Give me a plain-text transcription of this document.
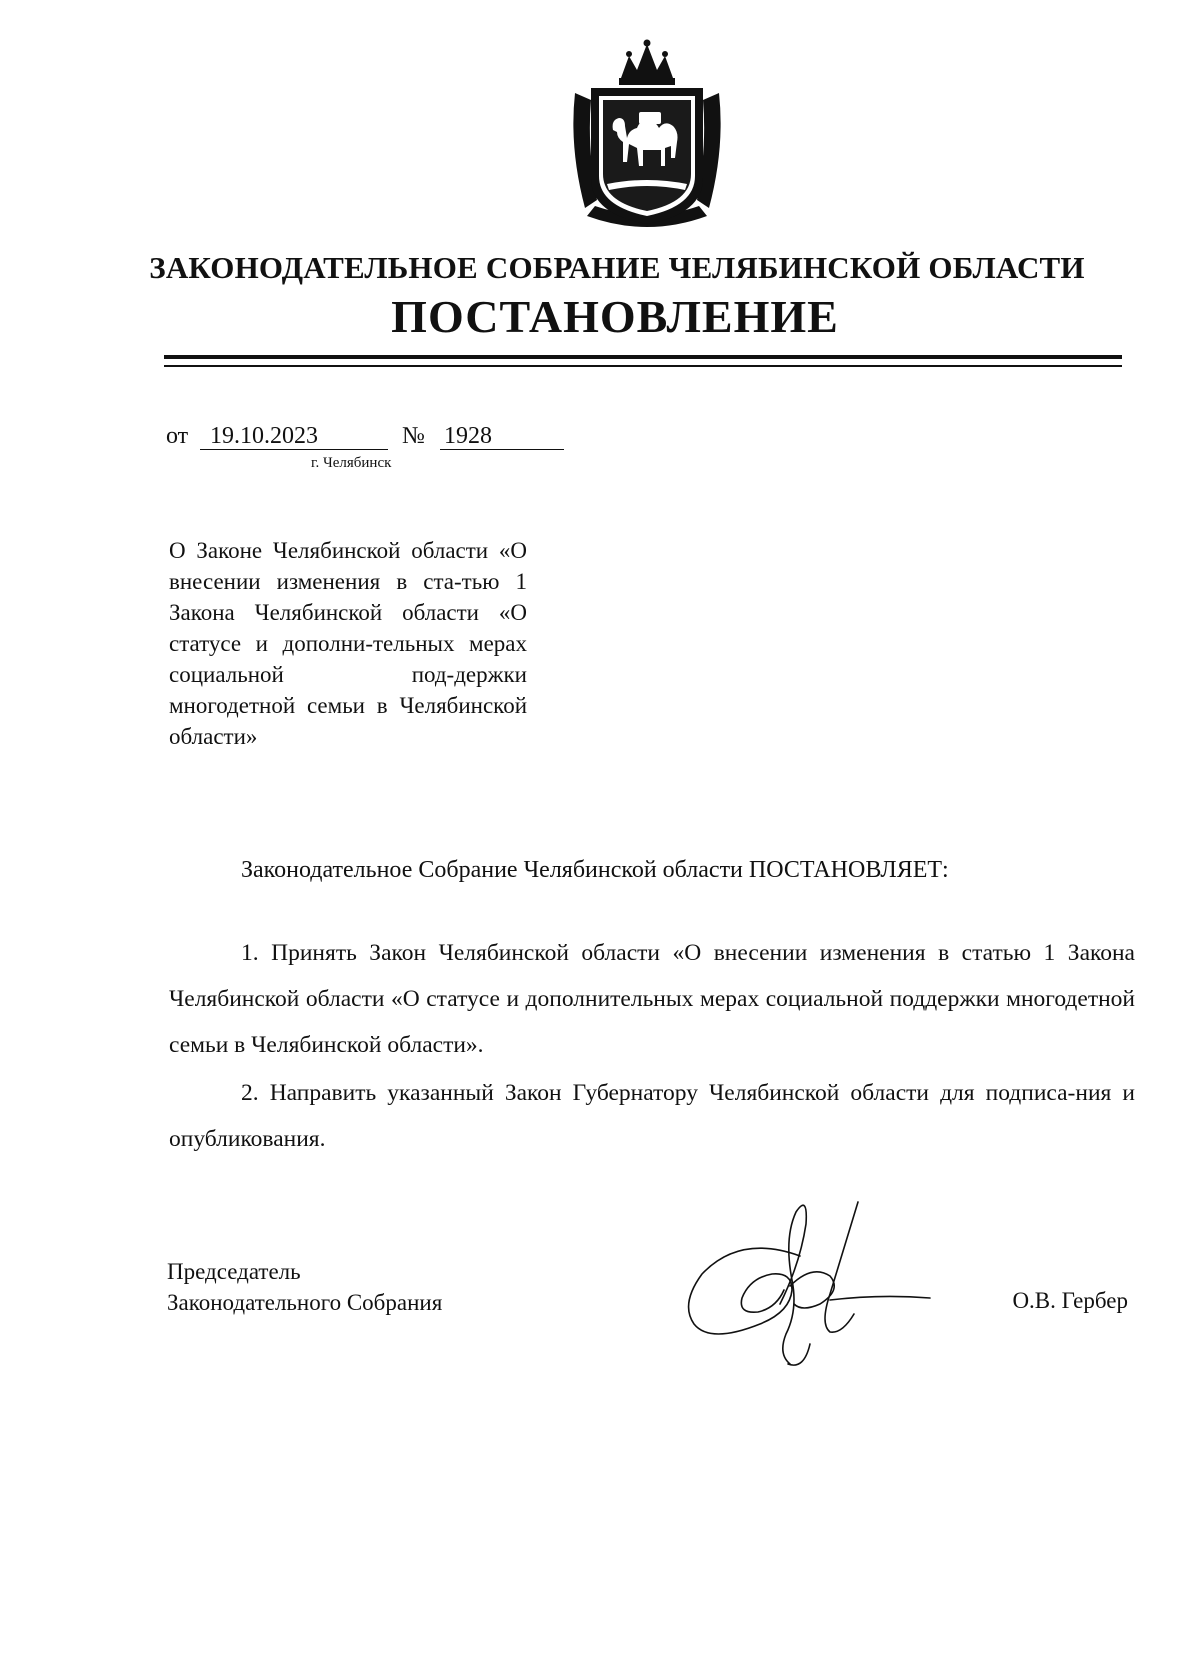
ЗАКОНОДАТЕЛЬНОЕ СОБРАНИЕ ЧЕЛЯБИНСКОЙ ОБЛАСТИ
ПОСТАНОВЛЕНИЕ
от 19.10.2023	№ 1928
г. Челябинск
О Законе Челябинской области «О внесении изменения в ста-тью 1 Закона Челябинской области «О статусе и дополни-тельных мерах социальной под-держки многодетной семьи в Челябинской области»
Законодательное Собрание Челябинской области ПОСТАНОВЛЯЕТ:
1. Принять Закон Челябинской области «О внесении изменения в статью 1 Закона Челябинской области «О статусе и дополнительных мерах социальной поддержки многодетной семьи в Челябинской области».
2. Направить указанный Закон Губернатору Челябинской области для подписа-ния и опубликования.
Председатель
Законодательного Собрания	О.В. Гербер
